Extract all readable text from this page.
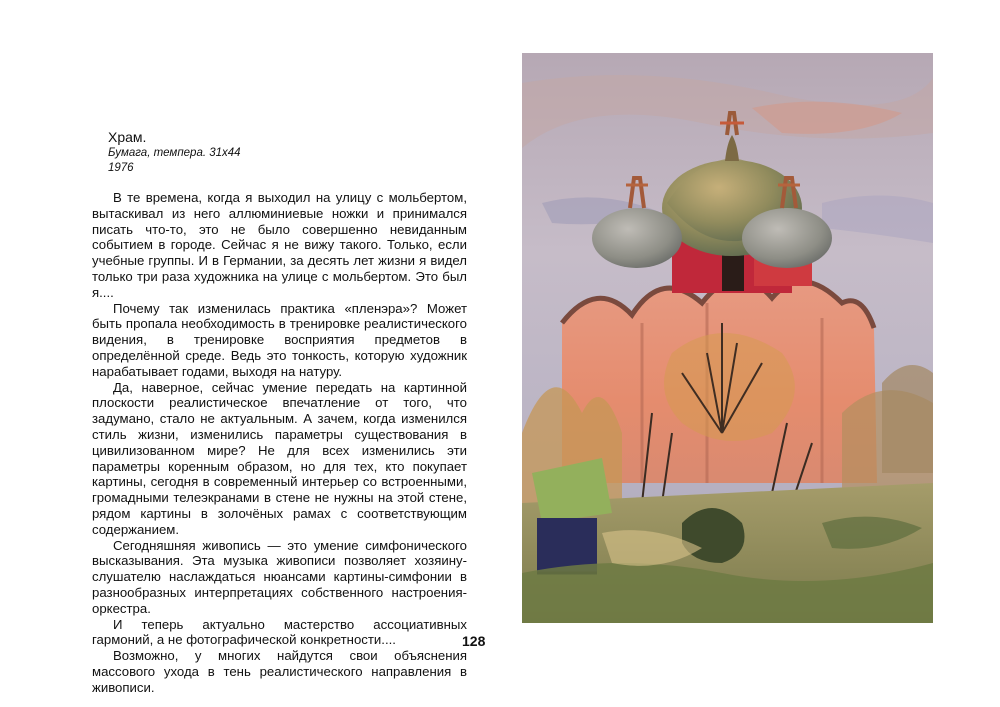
Храм.
Бумага, темпера. 31х44
1976

В те времена, когда я выходил на улицу с мольбертом, вытаскивал из него аллюминиевые ножки и принимался писать что-то, это не было совершенно невиданным событием в городе. Сейчас я не вижу такого. Только, если учебные группы. И в Германии, за десять лет жизни я видел только три раза художника на улице с мольбертом. Это был я....

Почему так изменилась практика «пленэра»? Может быть пропала необходимость в тренировке реалистического видения, в тренировке восприятия предметов в определённой среде. Ведь это тонкость, которую художник нарабатывает годами, выходя на натуру.

Да, наверное, сейчас умение передать на картинной плоскости реалистическое впечатление от того, что задумано, стало не актуальным. А зачем, когда изменился стиль жизни, изменились параметры существования в цивилизованном мире? Не для всех изменились эти параметры коренным образом, но для тех, кто покупает картины, сегодня в современный интерьер со встроенными, громадными телеэкранами в стене не нужны на этой стене, рядом картины в золочёных рамах с соответствующим содержанием.

Сегодняшняя живопись — это умение симфонического высказывания. Эта музыка живописи позволяет хозяину-слушателю наслаждаться нюансами картины-симфонии в разнообразных интерпретациях собственного настроения-оркестра.

И теперь актуально мастерство ассоциативных гармоний, а не фотографической конкретности....

Возможно, у многих найдутся свои объяснения массового ухода в тень реалистического направления в живописи.

128
